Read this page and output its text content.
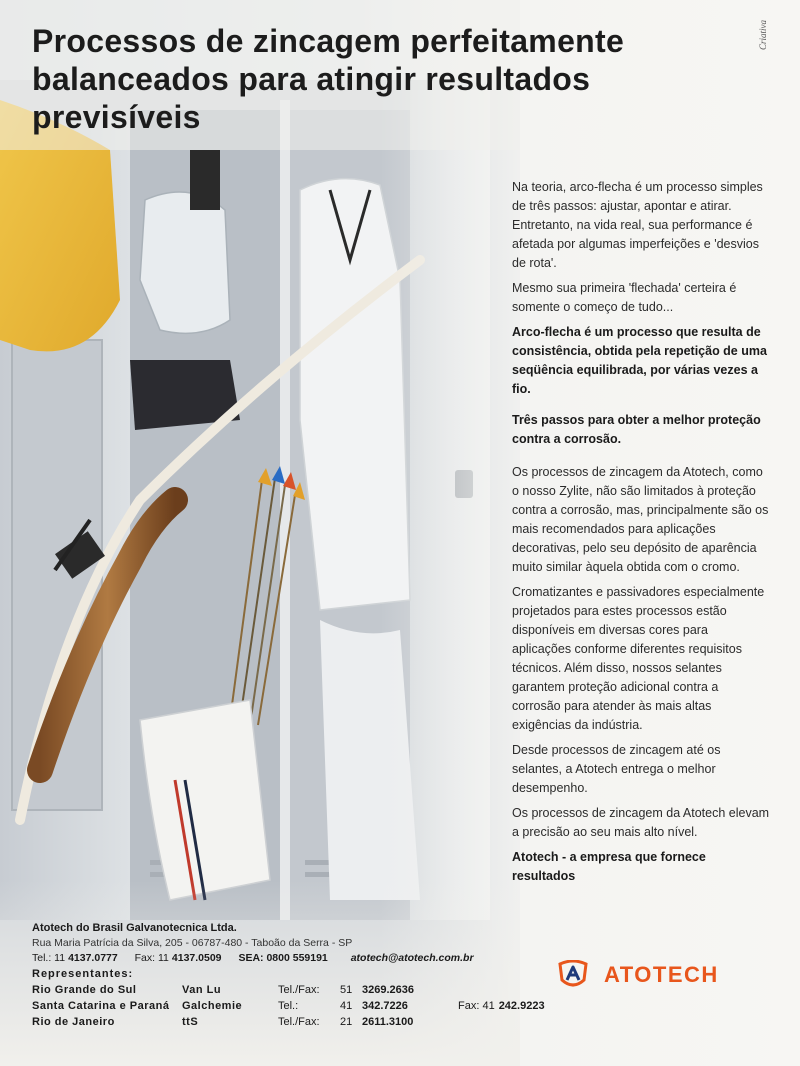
Processos de zincagem perfeitamente balanceados para atingir resultados previsíveis
Criativa

Na teoria, arco-flecha é um processo simples de três passos: ajustar, apontar e atirar. Entretanto, na vida real, sua performance é afetada por algumas imperfeições e 'desvios de rota'.

Mesmo sua primeira 'flechada' certeira é somente o começo de tudo...

Arco-flecha é um processo que resulta de consistência, obtida pela repetição de uma seqüência equilibrada, por várias vezes a fio.

Três passos para obter a melhor proteção contra a corrosão.

Os processos de zincagem da Atotech, como o nosso Zylite, não são limitados à proteção contra a corrosão, mas, principalmente são os mais recomendados para aplicações decorativas, pelo seu depósito de aparência muito similar àquela obtida com o cromo.

Cromatizantes e passivadores especialmente projetados para estes processos estão disponíveis em diversas cores para aplicações conforme diferentes requisitos técnicos. Além disso, nossos selantes garantem proteção adicional contra a corrosão para atender às mais altas exigências da indústria.

Desde processos de zincagem até os selantes, a Atotech entrega o melhor desempenho.

Os processos de zincagem da Atotech elevam a precisão ao seu mais alto nível.

Atotech - a empresa que fornece resultados

Atotech do Brasil Galvanotecnica Ltda.
Rua Maria Patrícia da Silva, 205 - 06787-480 - Taboão da Serra - SP
Tel.: 11 4137.0777 Fax: 11 4137.0509 SEA: 0800 559191 atotech@atotech.com.br
Representantes:
Rio Grande do Sul	Van Lu	Tel./Fax:	51	3269.2636	
Santa Catarina e Paraná	Galchemie	Tel.:	41	342.7226	Fax: 41 242.9223
Rio de Janeiro	ttS	Tel./Fax:	21	2611.3100	
ATOTECH
